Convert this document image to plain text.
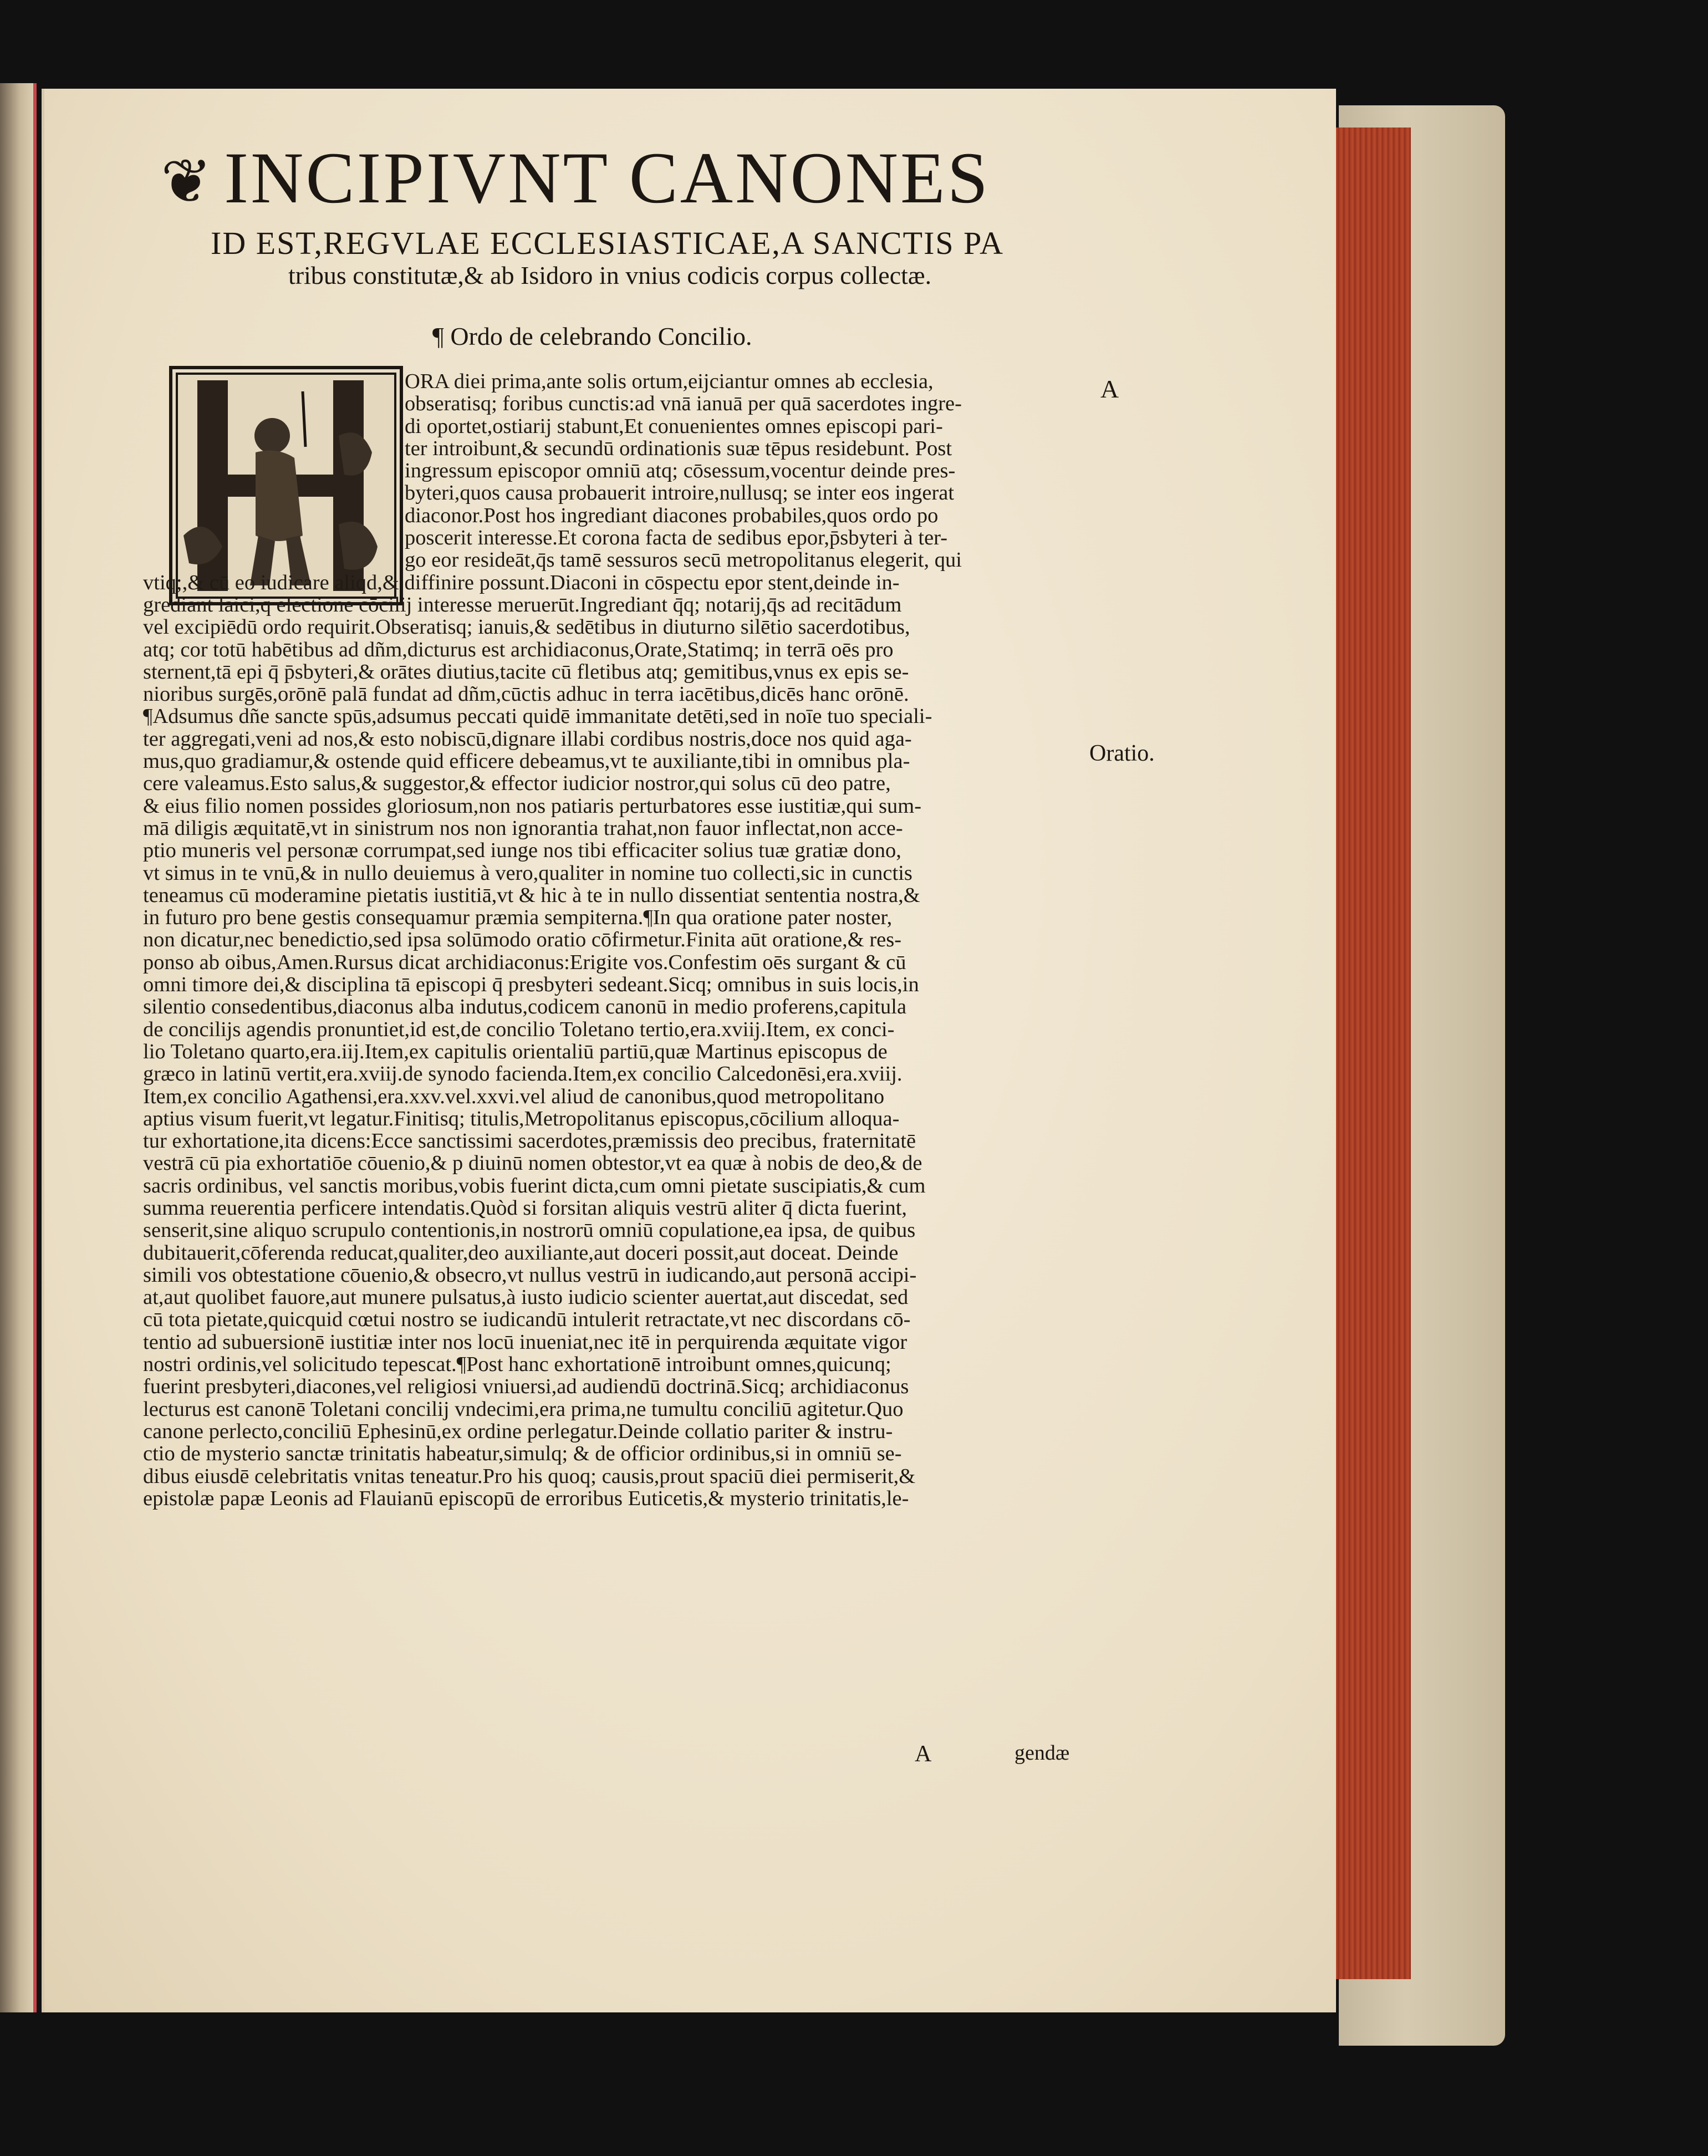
❦ INCIPIVNT CANONES
ID EST,REGVLAE ECCLESIASTICAE,A SANCTIS PA
tribus constitutæ,& ab Isidoro in vnius codicis corpus collectæ.
¶ Ordo de celebrando Concilio.
A
Oratio.
ORA diei prima,ante solis ortum,eijciantur omnes ab ecclesia,
obseratisq; foribus cunctis:ad vnā ianuā per quā sacerdotes ingre-
di oportet,ostiarij stabunt,Et conuenientes omnes episcopi pari-
ter introibunt,& secundū ordinationis suæ tēpus residebunt. Post
ingressum episcopor omniū atq; cōsessum,vocentur deinde pres-
byteri,quos causa probauerit introire,nullusq; se inter eos ingerat
diaconor.Post hos ingrediant diacones probabiles,quos ordo po
poscerit interesse.Et corona facta de sedibus epor,p̄sbyteri à ter-
go eor resideāt,q̄s tamē sessuros secū metropolitanus elegerit, qui
vtiq;,& cū eo iudicare aliqd,& diffinire possunt.Diaconi in cōspectu epor stent,deinde in-
grediant laici,q electione cōcilij interesse meruerūt.Ingrediant q̄q; notarij,q̄s ad recitādum
vel excipiēdū ordo requirit.Obseratisq; ianuis,& sedētibus in diuturno silētio sacerdotibus,
atq; cor totū habētibus ad dñm,dicturus est archidiaconus,Orate,Statimq; in terrā oēs pro
sternent,tā epi q̄ p̄sbyteri,& orātes diutius,tacite cū fletibus atq; gemitibus,vnus ex epis se-
nioribus surgēs,orōnē palā fundat ad dñm,cūctis adhuc in terra iacētibus,dicēs hanc orōnē.
¶Adsumus dñe sancte spūs,adsumus peccati quidē immanitate detēti,sed in noīe tuo speciali-
ter aggregati,veni ad nos,& esto nobiscū,dignare illabi cordibus nostris,doce nos quid aga-
mus,quo gradiamur,& ostende quid efficere debeamus,vt te auxiliante,tibi in omnibus pla-
cere valeamus.Esto salus,& suggestor,& effector iudicior nostror,qui solus cū deo patre,
& eius filio nomen possides gloriosum,non nos patiaris perturbatores esse iustitiæ,qui sum-
mā diligis æquitatē,vt in sinistrum nos non ignorantia trahat,non fauor inflectat,non acce-
ptio muneris vel personæ corrumpat,sed iunge nos tibi efficaciter solius tuæ gratiæ dono,
vt simus in te vnū,& in nullo deuiemus à vero,qualiter in nomine tuo collecti,sic in cunctis
teneamus cū moderamine pietatis iustitiā,vt & hic à te in nullo dissentiat sententia nostra,&
in futuro pro bene gestis consequamur præmia sempiterna.¶In qua oratione pater noster,
non dicatur,nec benedictio,sed ipsa solūmodo oratio cōfirmetur.Finita aūt oratione,& res-
ponso ab oibus,Amen.Rursus dicat archidiaconus:Erigite vos.Confestim oēs surgant & cū
omni timore dei,& disciplina tā episcopi q̄ presbyteri sedeant.Sicq; omnibus in suis locis,in
silentio consedentibus,diaconus alba indutus,codicem canonū in medio proferens,capitula
de concilijs agendis pronuntiet,id est,de concilio Toletano tertio,era.xviij.Item, ex conci-
lio Toletano quarto,era.iij.Item,ex capitulis orientaliū partiū,quæ Martinus episcopus de
græco in latinū vertit,era.xviij.de synodo facienda.Item,ex concilio Calcedonēsi,era.xviij.
Item,ex concilio Agathensi,era.xxv.vel.xxvi.vel aliud de canonibus,quod metropolitano
aptius visum fuerit,vt legatur.Finitisq; titulis,Metropolitanus episcopus,cōcilium alloqua-
tur exhortatione,ita dicens:Ecce sanctissimi sacerdotes,præmissis deo precibus, fraternitatē
vestrā cū pia exhortatiōe cōuenio,& p diuinū nomen obtestor,vt ea quæ à nobis de deo,& de
sacris ordinibus, vel sanctis moribus,vobis fuerint dicta,cum omni pietate suscipiatis,& cum
summa reuerentia perficere intendatis.Quòd si forsitan aliquis vestrū aliter q̄ dicta fuerint,
senserit,sine aliquo scrupulo contentionis,in nostrorū omniū copulatione,ea ipsa, de quibus
dubitauerit,cōferenda reducat,qualiter,deo auxiliante,aut doceri possit,aut doceat. Deinde
simili vos obtestatione cōuenio,& obsecro,vt nullus vestrū in iudicando,aut personā accipi-
at,aut quolibet fauore,aut munere pulsatus,à iusto iudicio scienter auertat,aut discedat, sed
cū tota pietate,quicquid cœtui nostro se iudicandū intulerit retractate,vt nec discordans cō-
tentio ad subuersionē iustitiæ inter nos locū inueniat,nec itē in perquirenda æquitate vigor
nostri ordinis,vel solicitudo tepescat.¶Post hanc exhortationē introibunt omnes,quicunq;
fuerint presbyteri,diacones,vel religiosi vniuersi,ad audiendū doctrinā.Sicq; archidiaconus
lecturus est canonē Toletani concilij vndecimi,era prima,ne tumultu conciliū agitetur.Quo
canone perlecto,conciliū Ephesinū,ex ordine perlegatur.Deinde collatio pariter & instru-
ctio de mysterio sanctæ trinitatis habeatur,simulq; & de officior ordinibus,si in omniū se-
dibus eiusdē celebritatis vnitas teneatur.Pro his quoq; causis,prout spaciū diei permiserit,&
epistolæ papæ Leonis ad Flauianū episcopū de erroribus Euticetis,& mysterio trinitatis,le-
A	gendæ
